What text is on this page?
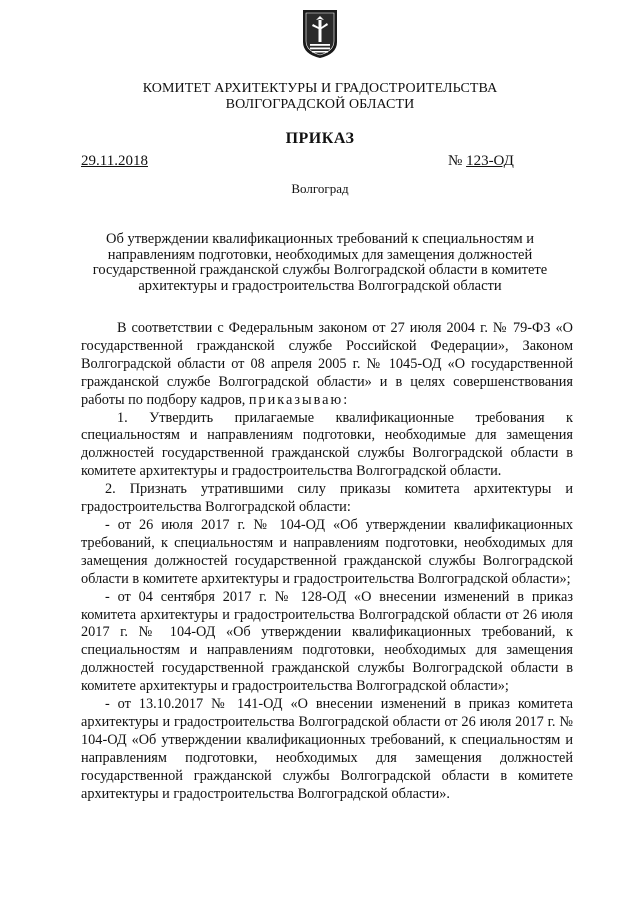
КОМИТЕТ АРХИТЕКТУРЫ И ГРАДОСТРОИТЕЛЬСТВА
ВОЛГОГРАДСКОЙ ОБЛАСТИ
ПРИКАЗ
29.11.2018	№ 123-ОД
Волгоград
Об утверждении квалификационных требований к специальностям и направлениям подготовки, необходимых для замещения должностей государственной гражданской службы Волгоградской области в комитете архитектуры и градостроительства Волгоградской области

В соответствии с Федеральным законом от 27 июля 2004 г. № 79-ФЗ «О государственной гражданской службе Российской Федерации», Законом Волгоградской области от 08 апреля 2005 г. № 1045-ОД «О государственной гражданской службе Волгоградской области» и в целях совершенствования работы по подбору кадров, приказываю:

1. Утвердить прилагаемые квалификационные требования к специальностям и направлениям подготовки, необходимые для замещения должностей государственной гражданской службы Волгоградской области в комитете архитектуры и градостроительства Волгоградской области.

2. Признать утратившими силу приказы комитета архитектуры и градостроительства Волгоградской области:

- от 26 июля 2017 г. № 104-ОД «Об утверждении квалификационных требований, к специальностям и направлениям подготовки, необходимых для замещения должностей государственной гражданской службы Волгоградской области в комитете архитектуры и градостроительства Волгоградской области»;

- от 04 сентября 2017 г. № 128-ОД «О внесении изменений в приказ комитета архитектуры и градостроительства Волгоградской области от 26 июля 2017 г. № 104-ОД «Об утверждении квалификационных требований, к специальностям и направлениям подготовки, необходимых для замещения должностей государственной гражданской службы Волгоградской области в комитете архитектуры и градостроительства Волгоградской области»;

- от 13.10.2017 № 141-ОД «О внесении изменений в приказ комитета архитектуры и градостроительства Волгоградской области от 26 июля 2017 г. № 104-ОД «Об утверждении квалификационных требований, к специальностям и направлениям подготовки, необходимых для замещения должностей государственной гражданской службы Волгоградской области в комитете архитектуры и градостроительства Волгоградской области».
